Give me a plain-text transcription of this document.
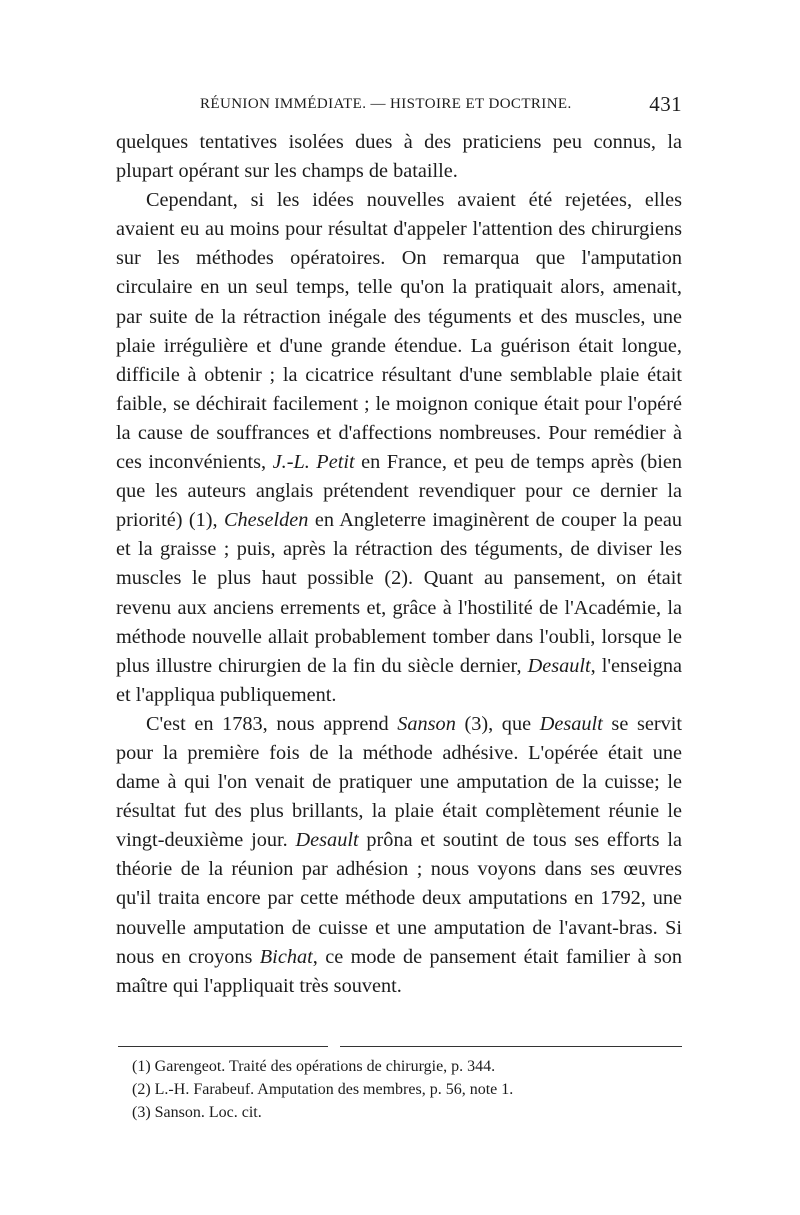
RÉUNION IMMÉDIATE. — HISTOIRE ET DOCTRINE.	431

quelques tentatives isolées dues à des praticiens peu connus, la plupart opérant sur les champs de bataille.

Cependant, si les idées nouvelles avaient été rejetées, elles avaient eu au moins pour résultat d'appeler l'attention des chirurgiens sur les méthodes opératoires. On remarqua que l'amputation circulaire en un seul temps, telle qu'on la pratiquait alors, amenait, par suite de la rétraction inégale des téguments et des muscles, une plaie irrégulière et d'une grande étendue. La guérison était longue, difficile à obtenir ; la cicatrice résultant d'une semblable plaie était faible, se déchirait facilement ; le moignon conique était pour l'opéré la cause de souffrances et d'affections nombreuses. Pour remédier à ces inconvénients, J.-L. Petit en France, et peu de temps après (bien que les auteurs anglais prétendent revendiquer pour ce dernier la priorité) (1), Cheselden en Angleterre imaginèrent de couper la peau et la graisse ; puis, après la rétraction des téguments, de diviser les muscles le plus haut possible (2). Quant au pansement, on était revenu aux anciens errements et, grâce à l'hostilité de l'Académie, la méthode nouvelle allait probablement tomber dans l'oubli, lorsque le plus illustre chirurgien de la fin du siècle dernier, Desault, l'enseigna et l'appliqua publiquement.

C'est en 1783, nous apprend Sanson (3), que Desault se servit pour la première fois de la méthode adhésive. L'opérée était une dame à qui l'on venait de pratiquer une amputation de la cuisse; le résultat fut des plus brillants, la plaie était complètement réunie le vingt-deuxième jour. Desault prôna et soutint de tous ses efforts la théorie de la réunion par adhésion ; nous voyons dans ses œuvres qu'il traita encore par cette méthode deux amputations en 1792, une nouvelle amputation de cuisse et une amputation de l'avant-bras. Si nous en croyons Bichat, ce mode de pansement était familier à son maître qui l'appliquait très souvent.

(1) Garengeot. Traité des opérations de chirurgie, p. 344.
(2) L.-H. Farabeuf. Amputation des membres, p. 56, note 1.
(3) Sanson. Loc. cit.
